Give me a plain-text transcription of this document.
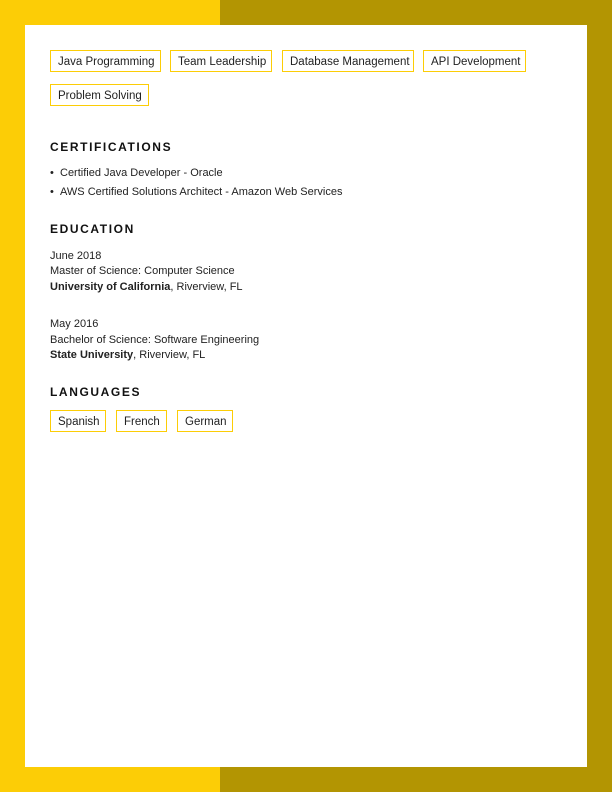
Java Programming	Team Leadership	Database Management	API Development
Problem Solving
CERTIFICATIONS
• Certified Java Developer - Oracle
• AWS Certified Solutions Architect - Amazon Web Services
EDUCATION
June 2018
Master of Science: Computer Science
University of California, Riverview, FL
May 2016
Bachelor of Science: Software Engineering
State University, Riverview, FL
LANGUAGES
Spanish	French	German
